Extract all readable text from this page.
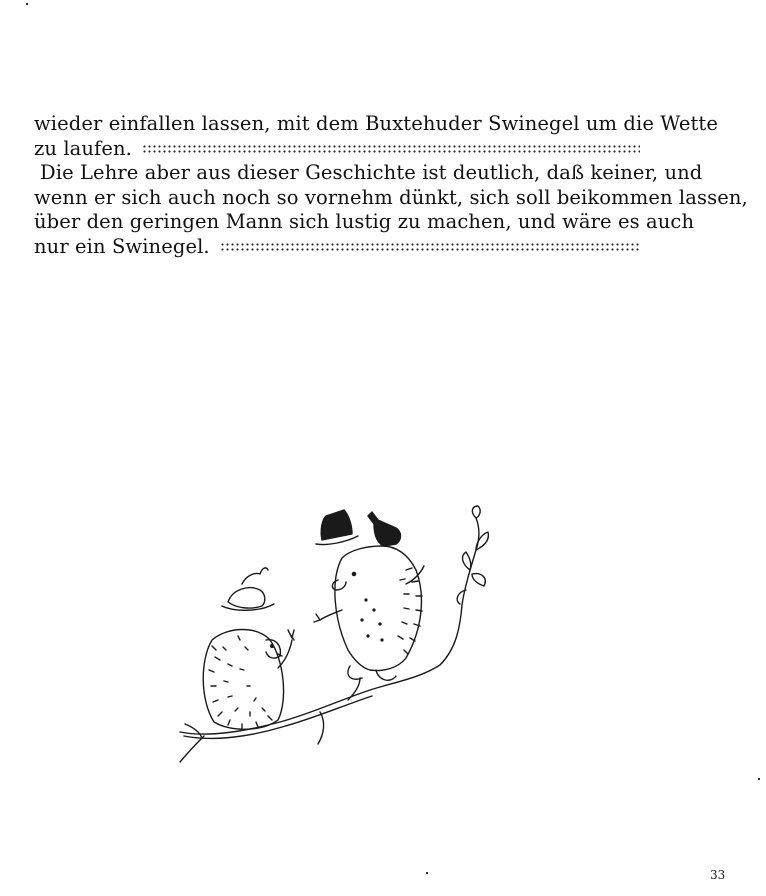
wieder einfallen lassen, mit dem Buxtehuder Swinegel um die Wette
zu laufen.
Die Lehre aber aus dieser Geschichte ist deutlich, daß keiner, und
wenn er sich auch noch so vornehm dünkt, sich soll beikommen lassen,
über den geringen Mann sich lustig zu machen, und wäre es auch
nur ein Swinegel.
33
